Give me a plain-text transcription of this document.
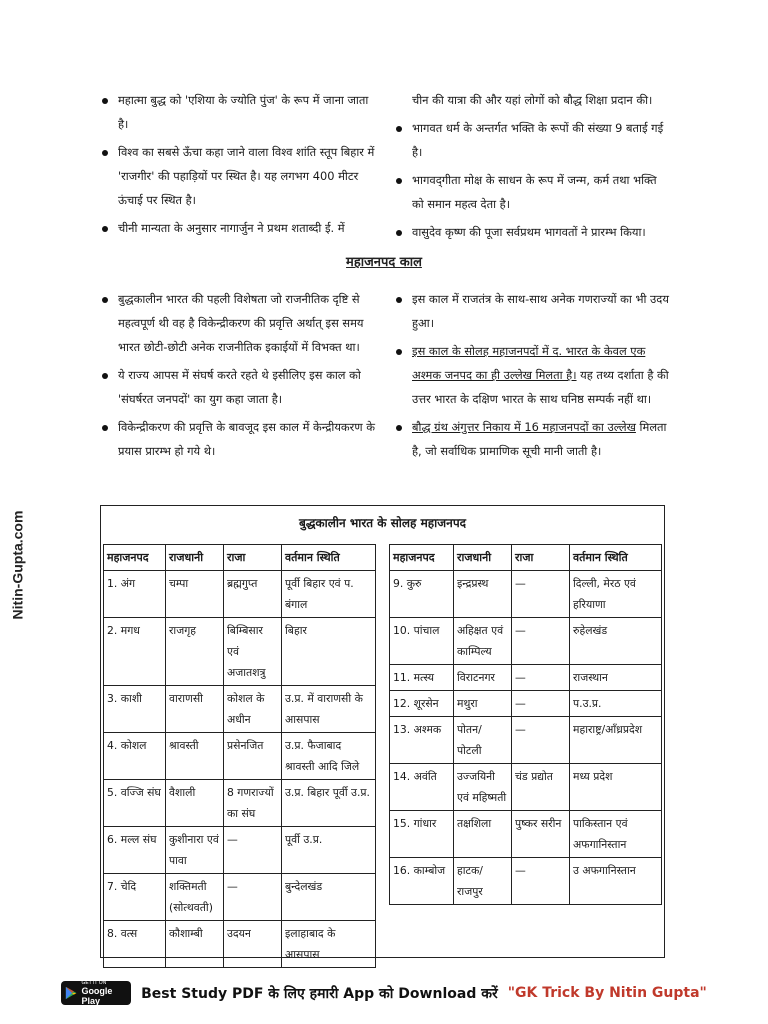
Nitin-Gupta.com
महात्मा बुद्ध को 'एशिया के ज्योति पुंज' के रूप में जाना जाता है।
विश्व का सबसे ऊँचा कहा जाने वाला विश्व शांति स्तूप बिहार में 'राजगीर' की पहाड़ियों पर स्थित है। यह लगभग 400 मीटर ऊंचाई पर स्थित है।
चीनी मान्यता के अनुसार नागार्जुन ने प्रथम शताब्दी ई. में
चीन की यात्रा की और यहां लोगों को बौद्ध शिक्षा प्रदान की।
भागवत धर्म के अन्तर्गत भक्ति के रूपों की संख्या 9 बताई गई है।
भागवद्‌गीता मोक्ष के साधन के रूप में जन्म, कर्म तथा भक्ति को समान महत्व देता है।
वासुदेव कृष्ण की पूजा सर्वप्रथम भागवतों ने प्रारम्भ किया।
महाजनपद काल
बुद्धकालीन भारत की पहली विशेषता जो राजनीतिक दृष्टि से महत्वपूर्ण थी वह है विकेन्द्रीकरण की प्रवृत्ति अर्थात् इस समय भारत छोटी-छोटी अनेक राजनीतिक इकाईयों में विभक्त था।
ये राज्य आपस में संघर्ष करते रहते थे इसीलिए इस काल को 'संघर्षरत जनपदों' का युग कहा जाता है।
विकेन्द्रीकरण की प्रवृत्ति के बावजूद इस काल में केन्द्रीयकरण के प्रयास प्रारम्भ हो गये थे।
इस काल में राजतंत्र के साथ-साथ अनेक गणराज्यों का भी उदय हुआ।
इस काल के सोलह महाजनपदों में द. भारत के केवल एक अश्मक जनपद का ही उल्लेख मिलता है। यह तथ्य दर्शाता है की उत्तर भारत के दक्षिण भारत के साथ घनिष्ठ सम्पर्क नहीं था।
बौद्ध ग्रंथ अंगुत्तर निकाय में 16 महाजनपदों का उल्लेख मिलता है, जो सर्वाधिक प्रामाणिक सूची मानी जाती है।
बुद्धकालीन भारत के सोलह महाजनपद
महाजनपद	राजधानी	राजा	वर्तमान स्थिति
1. अंग	चम्पा	ब्रह्मगुप्त	पूर्वी बिहार एवं प. बंगाल
2. मगध	राजगृह	बिम्बिसार एवं अजातशत्रु	बिहार
3. काशी	वाराणसी	कोशल के अधीन	उ.प्र. में वाराणसी के आसपास
4. कोशल	श्रावस्ती	प्रसेनजित	उ.प्र. फैजाबाद श्रावस्ती आदि जिले
5. वज्जि संघ	वैशाली	8 गणराज्यों का संघ	उ.प्र. बिहार पूर्वी उ.प्र.
6. मल्ल संघ	कुशीनारा एवं पावा	—	पूर्वी उ.प्र.
7. चेदि	शक्तिमती (सोत्थवती)	—	बुन्देलखंड
8. वत्स	कौशाम्बी	उदयन	इलाहाबाद के आसपास
महाजनपद	राजधानी	राजा	वर्तमान स्थिति
9. कुरु	इन्द्रप्रस्थ	—	दिल्ली, मेरठ एवं हरियाणा
10. पांचाल	अहिक्षत एवं काम्पिल्य	—	रुहेलखंड
11. मत्स्य	विराटनगर	—	राजस्थान
12. शूरसेन	मथुरा	—	प.उ.प्र.
13. अश्मक	पोतन/ पोटली	—	महाराष्ट्र/आँध्रप्रदेश
14. अवंति	उज्जयिनी एवं महिष्मती	चंड प्रद्योत	मध्य प्रदेश
15. गांधार	तक्षशिला	पुष्कर सरीन	पाकिस्तान एवं अफगानिस्तान
16. काम्बोज	हाटक/ राजपुर	—	उ अफगानिस्तान
GET IT ON
Google Play	Best Study PDF के लिए हमारी App को Download करें "GK Trick By Nitin Gupta"
